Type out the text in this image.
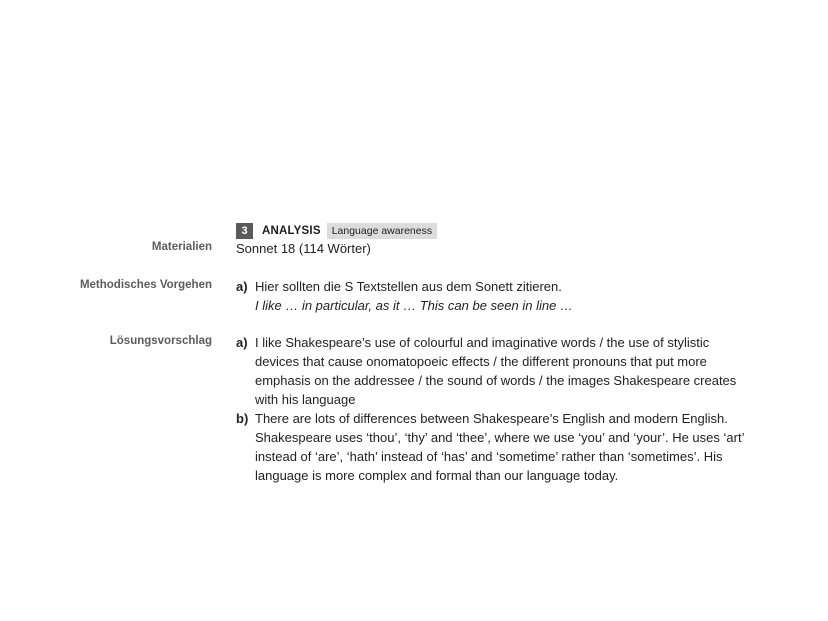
3	ANALYSIS	Language awareness
Materialien Sonnet 18 (114 Wörter)
Methodisches Vorgehen a) Hier sollten die S Textstellen aus dem Sonett zitieren.
I like … in particular, as it … This can be seen in line …
Lösungsvorschlag a) I like Shakespeare’s use of colourful and imaginative words / the use of stylistic devices that cause onomatopoeic effects / the different pronouns that put more emphasis on the addressee / the sound of words / the images Shakespeare creates with his language
b) There are lots of differences between Shakespeare’s English and modern English. Shakespeare uses ‘thou’, ‘thy’ and ‘thee’, where we use ‘you’ and ‘your’. He uses ‘art’ instead of ‘are’, ‘hath’ instead of ‘has’ and ‘sometime’ rather than ‘sometimes’. His language is more complex and formal than our language today.
